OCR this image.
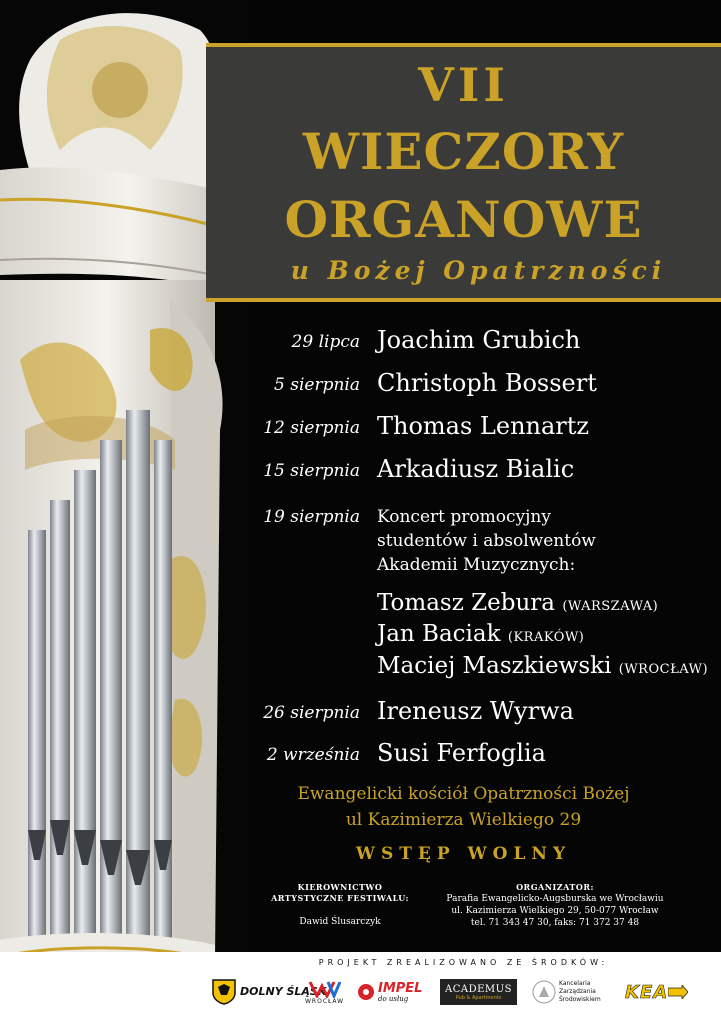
VII
WIECZORY
ORGANOWE
u Bożej Opatrzności
29 lipca Joachim Grubich
5 sierpnia Christoph Bossert
12 sierpnia Thomas Lennartz
15 sierpnia Arkadiusz Bialic
19 sierpnia Koncert promocyjny
studentów i absolwentów
Akademii Muzycznych:
Tomasz Zebura (WARSZAWA)
Jan Baciak (KRAKÓW)
Maciej Maszkiewski (WROCŁAW)
26 sierpnia Ireneusz Wyrwa
2 września Susi Ferfoglia
Ewangelicki kościół Opatrzności Bożej
ul Kazimierza Wielkiego 29
WSTĘP WOLNY
KIEROWNICTWO
ARTYSTYCZNE FESTIWALU:
Dawid Ślusarczyk
ORGANIZATOR:
Parafia Ewangelicko-Augsburska we Wrocławiu
ul. Kazimierza Wielkiego 29, 50-077 Wrocław
tel. 71 343 47 30, faks: 71 372 37 48
PROJEKT ZREALIZOWANO ZE ŚRODKÓW:
DOLNY ŚLĄSK
WROCŁAW
IMPEL
do usług
ACADEMUS
Pub & Apartments
Kancelaria
Zarządzania
Środowiskiem KEA
